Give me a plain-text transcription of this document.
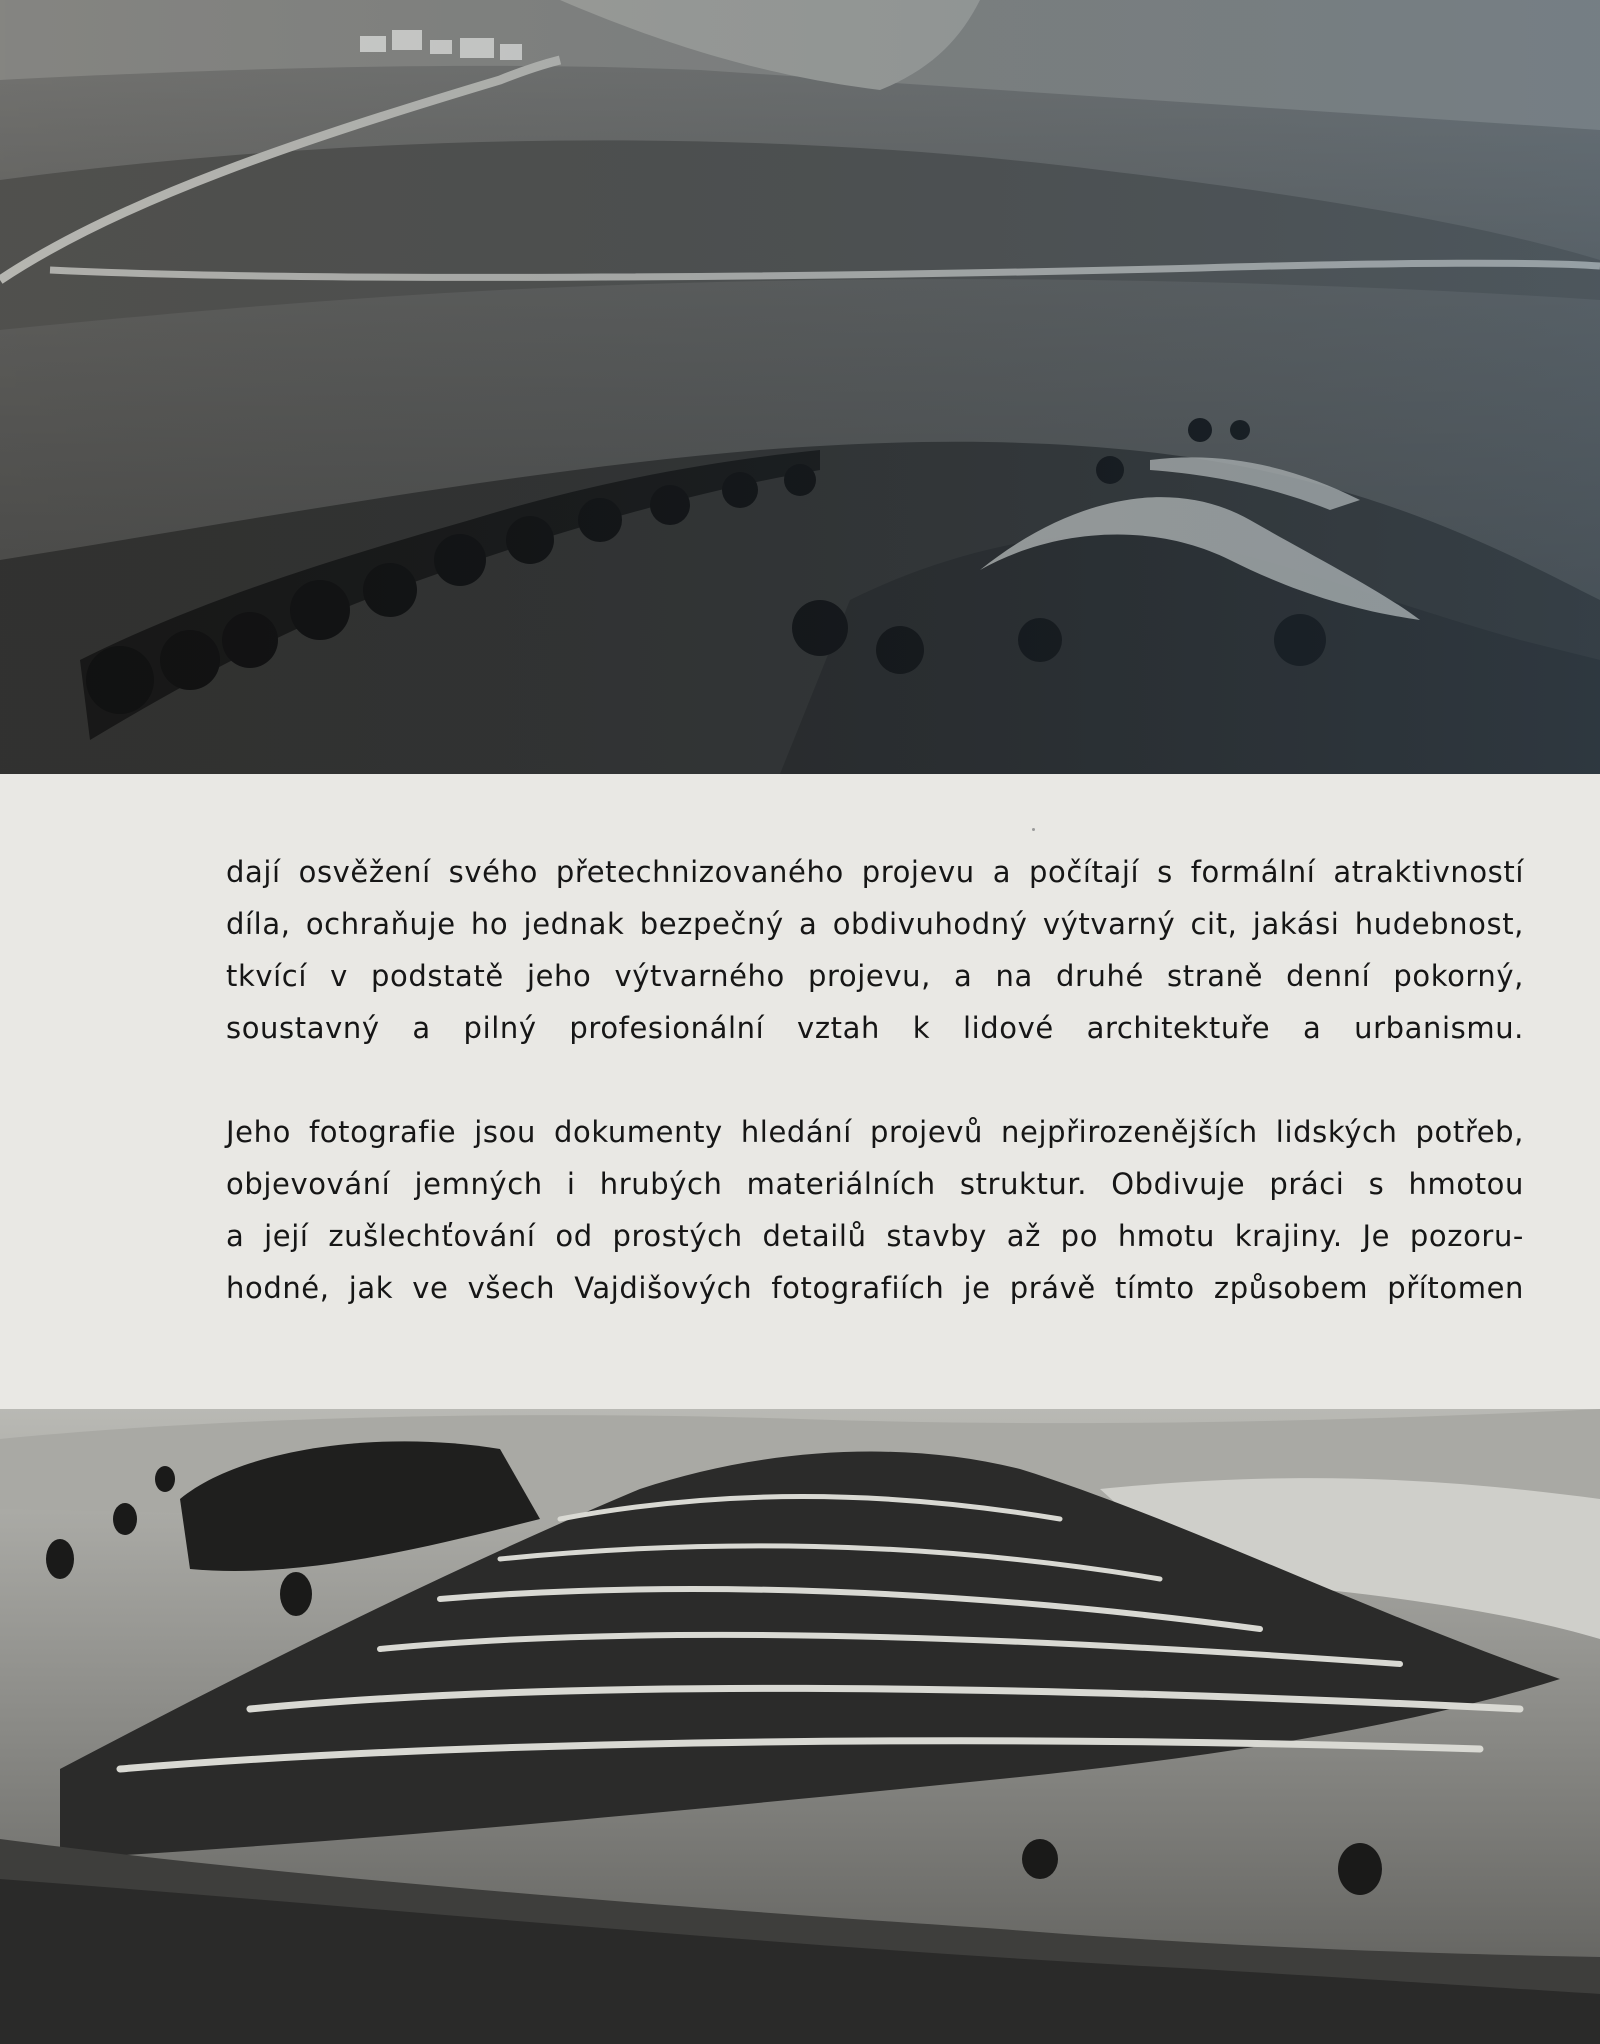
dají osvěžení svého přetechnizovaného projevu a počítají s formální atraktivností
díla, ochraňuje ho jednak bezpečný a obdivuhodný výtvarný cit, jakási hudebnost,
tkvící v podstatě jeho výtvarného projevu, a na druhé straně denní pokorný,
soustavný a pilný profesionální vztah k lidové architektuře a urbanismu.

Jeho fotografie jsou dokumenty hledání projevů nejpřirozenějších lidských potřeb,
objevování jemných i hrubých materiálních struktur. Obdivuje práci s hmotou
a její zušlechťování od prostých detailů stavby až po hmotu krajiny. Je pozoru-
hodné, jak ve všech Vajdišových fotografiích je právě tímto způsobem přítomen
